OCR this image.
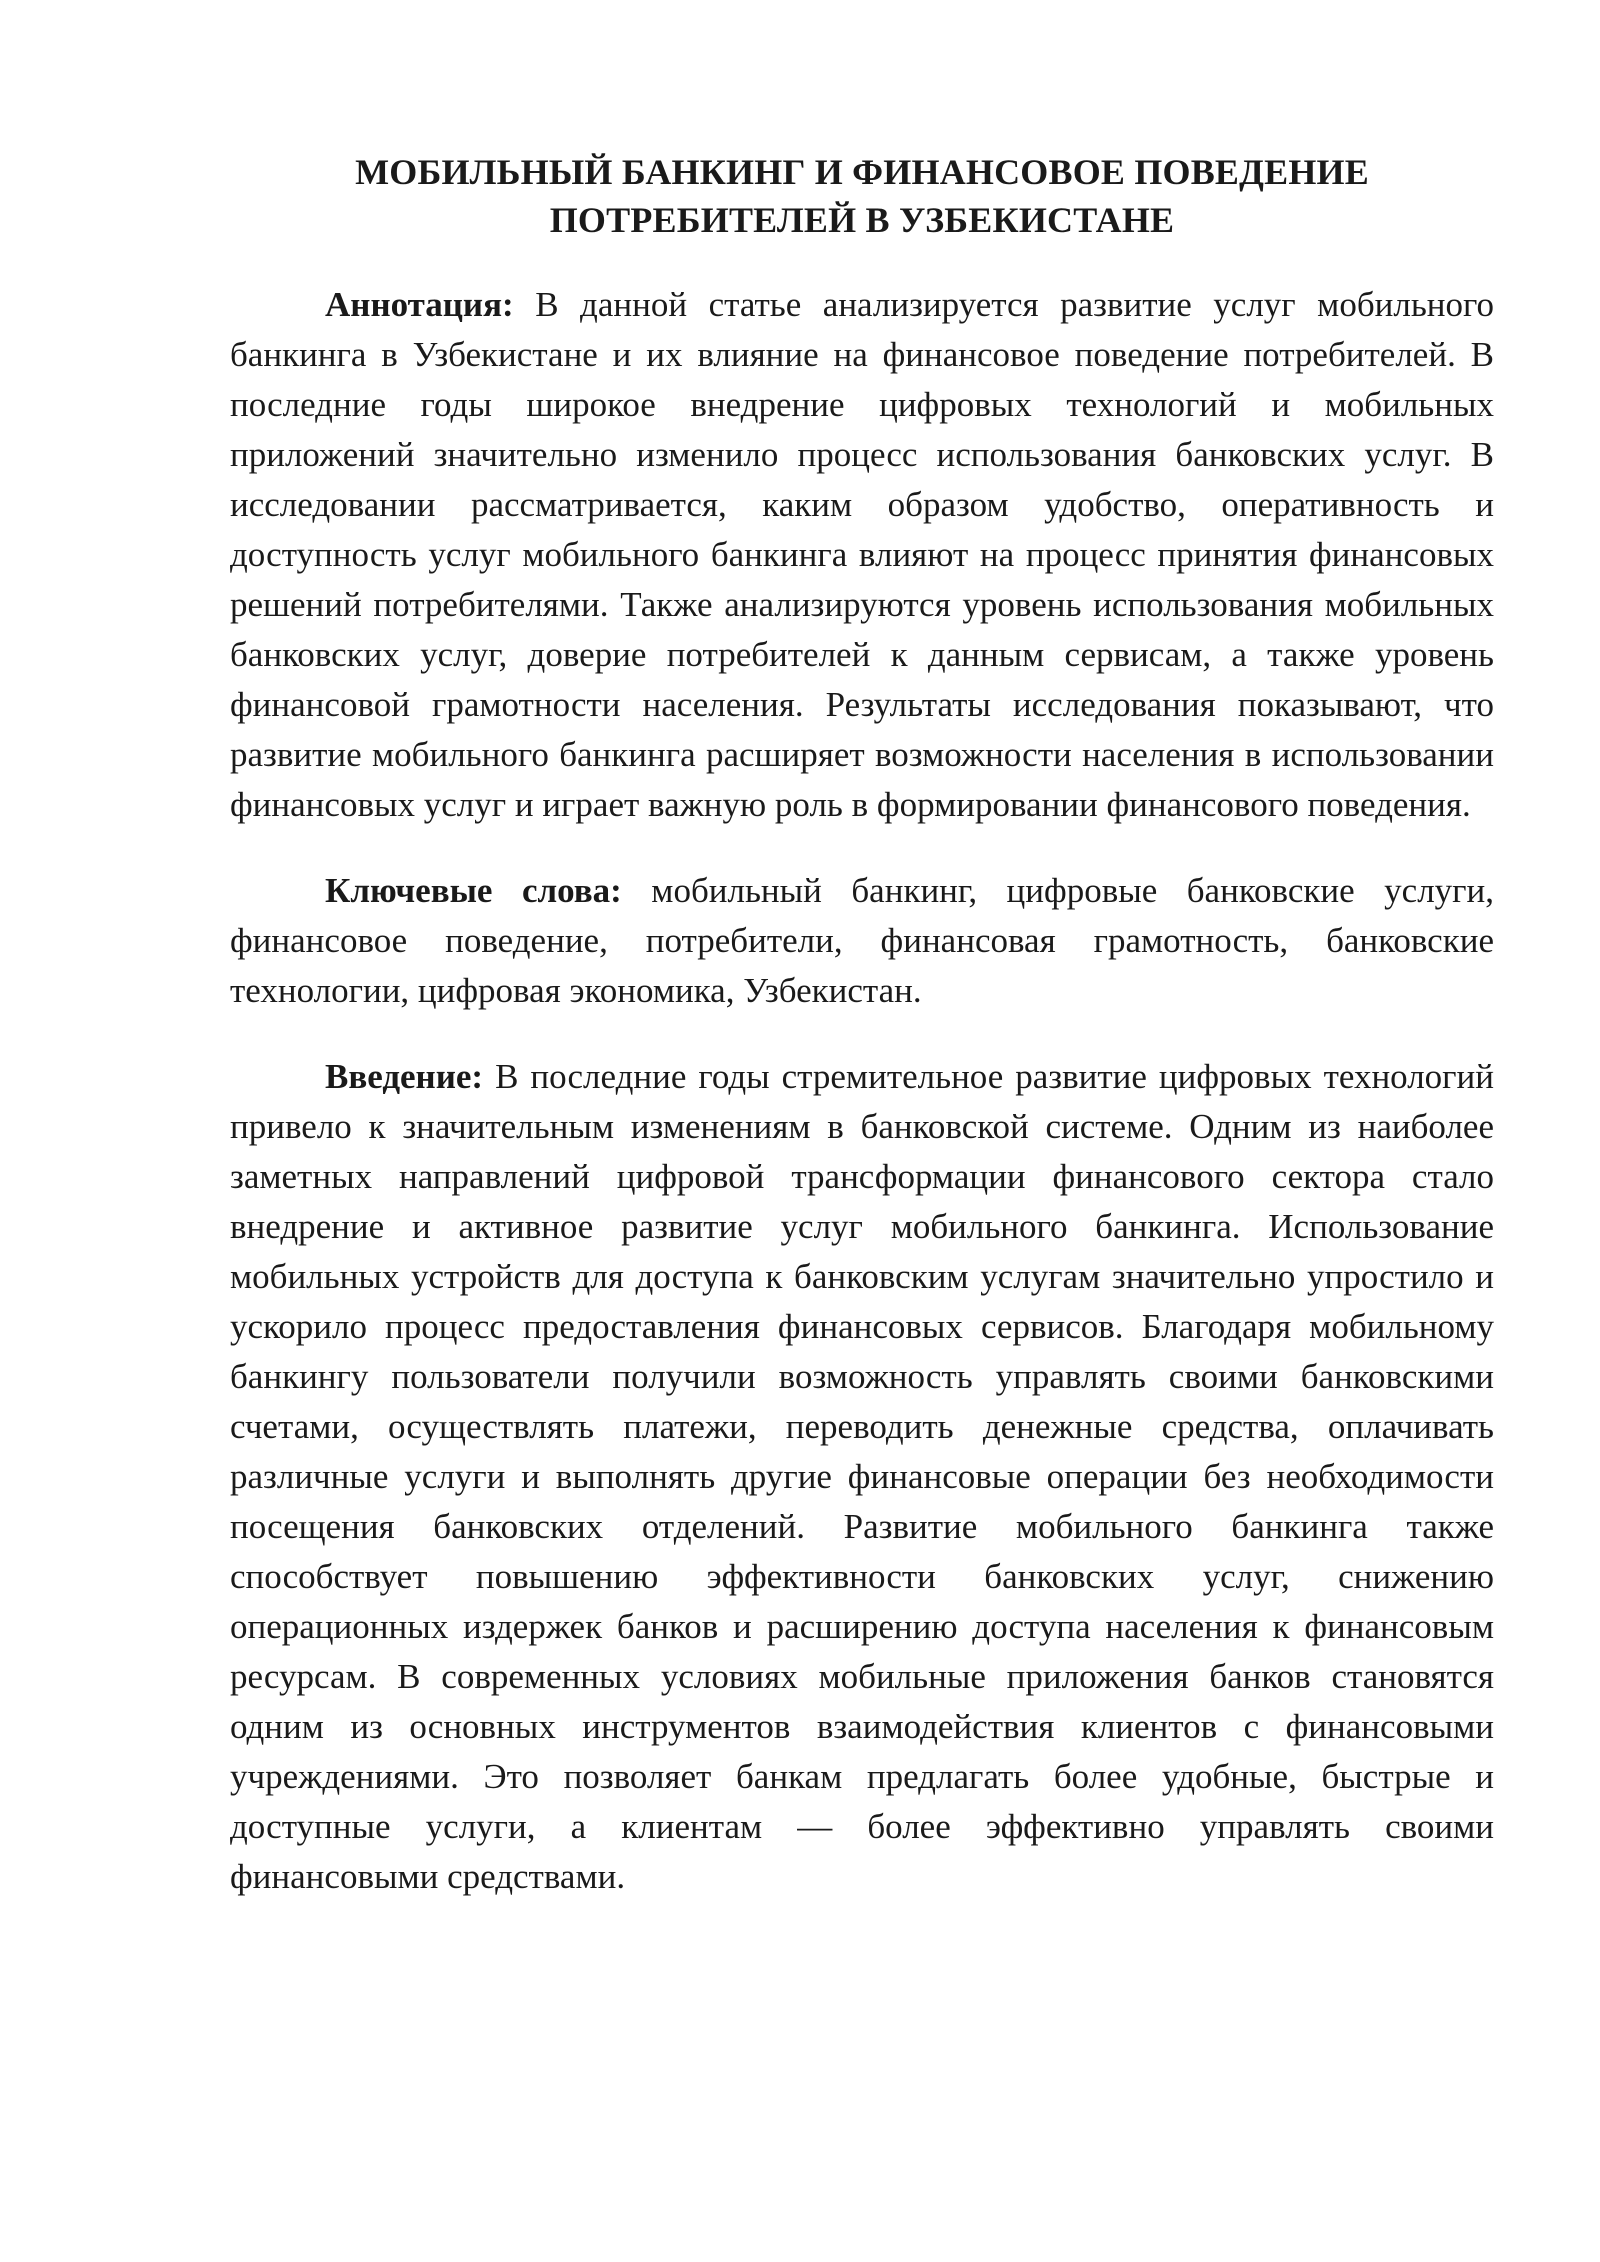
МОБИЛЬНЫЙ БАНКИНГ И ФИНАНСОВОЕ ПОВЕДЕНИЕ
ПОТРЕБИТЕЛЕЙ В УЗБЕКИСТАНЕ

Аннотация: В данной статье анализируется развитие услуг мобильного банкинга в Узбекистане и их влияние на финансовое поведение потребителей. В последние годы широкое внедрение цифровых технологий и мобильных приложений значительно изменило процесс использования банковских услуг. В исследовании рассматривается, каким образом удобство, оперативность и доступность услуг мобильного банкинга влияют на процесс принятия финансовых решений потребителями. Также анализируются уровень использования мобильных банковских услуг, доверие потребителей к данным сервисам, а также уровень финансовой грамотности населения. Результаты исследования показывают, что развитие мобильного банкинга расширяет возможности населения в использовании финансовых услуг и играет важную роль в формировании финансового поведения.

Ключевые слова: мобильный банкинг, цифровые банковские услуги, финансовое поведение, потребители, финансовая грамотность, банковские технологии, цифровая экономика, Узбекистан.

Введение: В последние годы стремительное развитие цифровых технологий привело к значительным изменениям в банковской системе. Одним из наиболее заметных направлений цифровой трансформации финансового сектора стало внедрение и активное развитие услуг мобильного банкинга. Использование мобильных устройств для доступа к банковским услугам значительно упростило и ускорило процесс предоставления финансовых сервисов. Благодаря мобильному банкингу пользователи получили возможность управлять своими банковскими счетами, осуществлять платежи, переводить денежные средства, оплачивать различные услуги и выполнять другие финансовые операции без необходимости посещения банковских отделений. Развитие мобильного банкинга также способствует повышению эффективности банковских услуг, снижению операционных издержек банков и расширению доступа населения к финансовым ресурсам. В современных условиях мобильные приложения банков становятся одним из основных инструментов взаимодействия клиентов с финансовыми учреждениями. Это позволяет банкам предлагать более удобные, быстрые и доступные услуги, а клиентам — более эффективно управлять своими финансовыми средствами.
